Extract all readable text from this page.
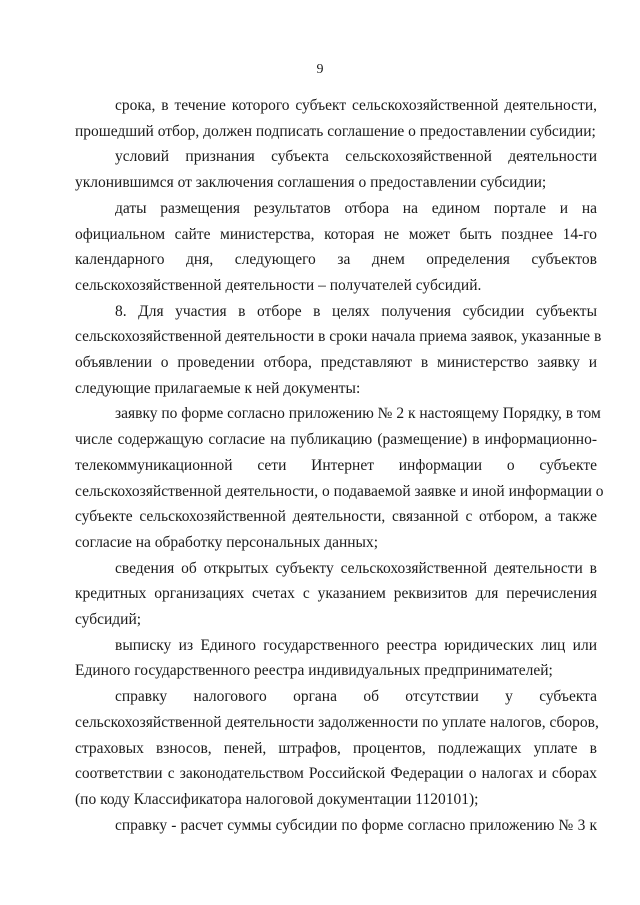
9
срока, в течение которого субъект сельскохозяйственной деятельности,
прошедший отбор, должен подписать соглашение о предоставлении субсидии;
условий признания субъекта сельскохозяйственной деятельности
уклонившимся от заключения соглашения о предоставлении субсидии;
даты размещения результатов отбора на едином портале и на
официальном сайте министерства, которая не может быть позднее 14-го
календарного дня, следующего за днем определения субъектов
сельскохозяйственной деятельности – получателей субсидий.
8. Для участия в отборе в целях получения субсидии субъекты
сельскохозяйственной деятельности в сроки начала приема заявок, указанные в
объявлении о проведении отбора, представляют в министерство заявку и
следующие прилагаемые к ней документы:
заявку по форме согласно приложению № 2 к настоящему Порядку, в том
числе содержащую согласие на публикацию (размещение) в информационно-
телекоммуникационной сети Интернет информации о субъекте
сельскохозяйственной деятельности, о подаваемой заявке и иной информации о
субъекте сельскохозяйственной деятельности, связанной с отбором, а также
согласие на обработку персональных данных;
сведения об открытых субъекту сельскохозяйственной деятельности в
кредитных организациях счетах с указанием реквизитов для перечисления
субсидий;
выписку из Единого государственного реестра юридических лиц или
Единого государственного реестра индивидуальных предпринимателей;
справку налогового органа об отсутствии у субъекта
сельскохозяйственной деятельности задолженности по уплате налогов, сборов,
страховых взносов, пеней, штрафов, процентов, подлежащих уплате в
соответствии с законодательством Российской Федерации о налогах и сборах
(по коду Классификатора налоговой документации 1120101);
справку - расчет суммы субсидии по форме согласно приложению № 3 к
